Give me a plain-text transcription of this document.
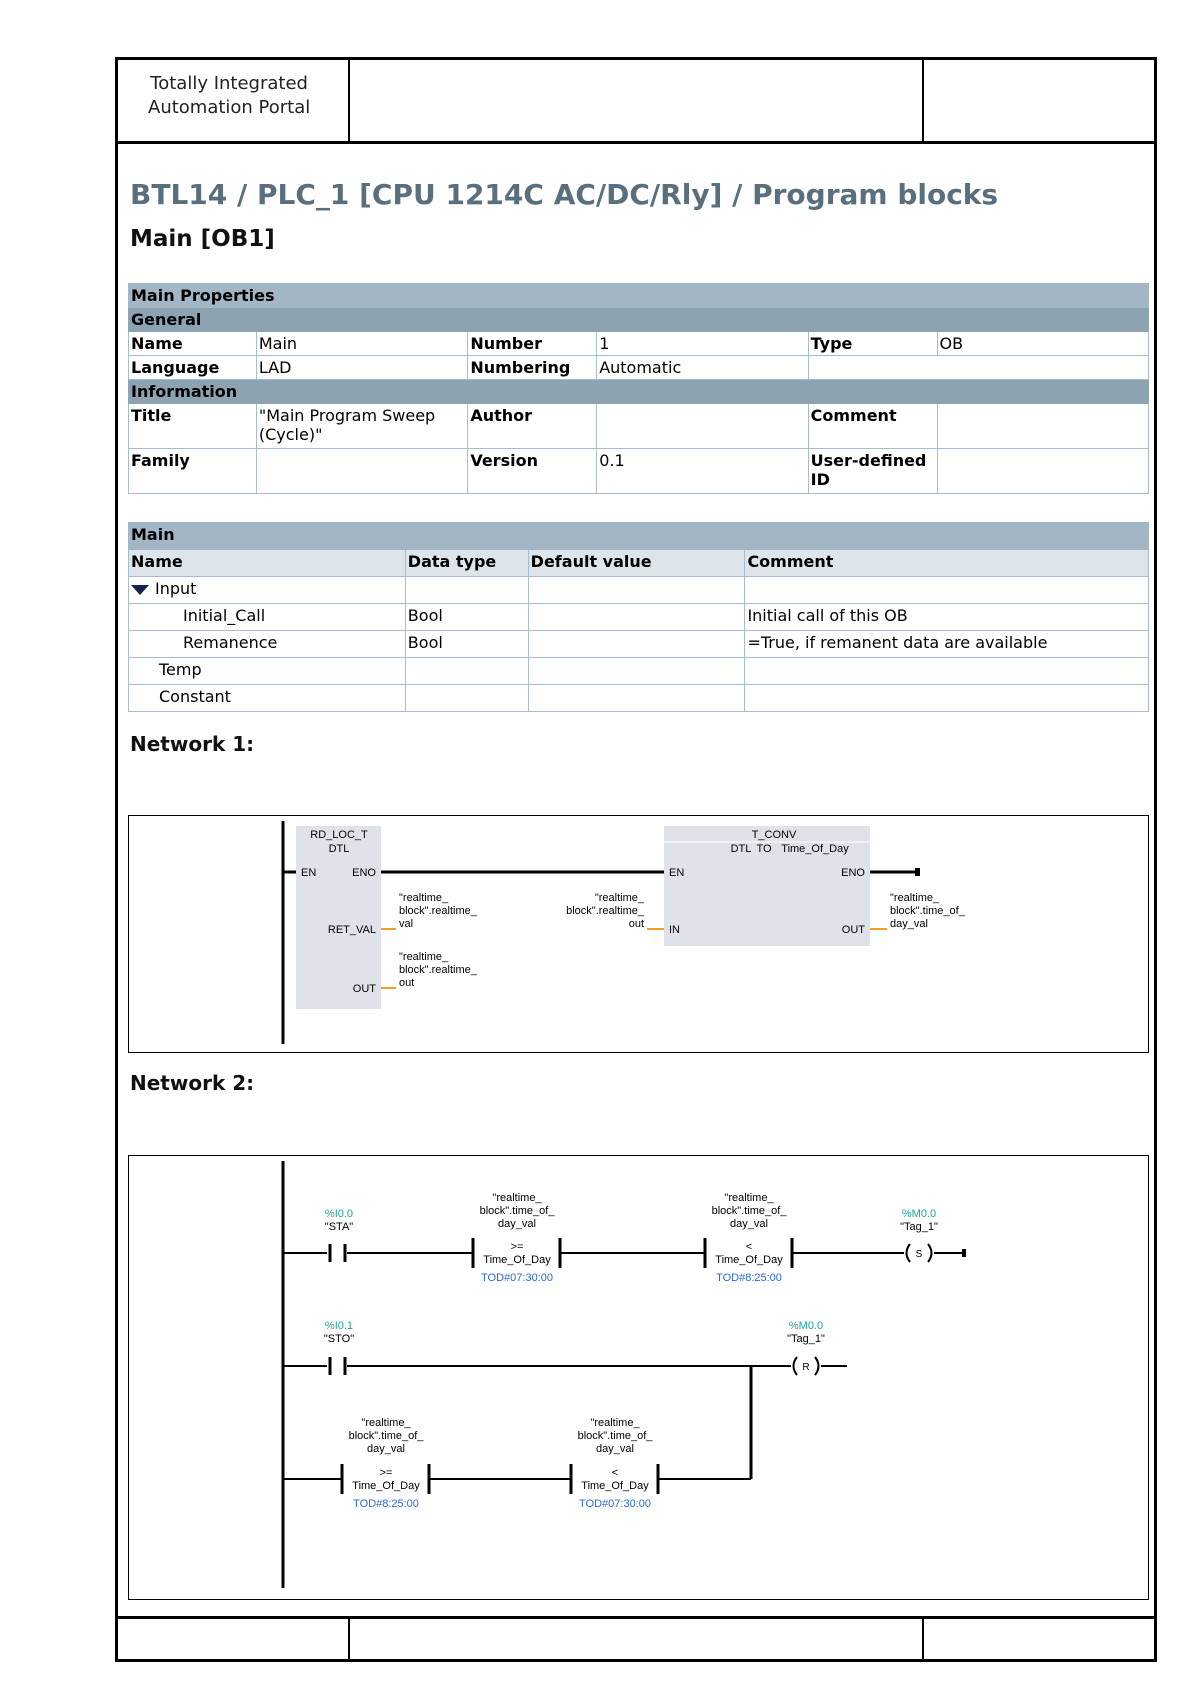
Totally Integrated
Automation Portal
BTL14 / PLC_1 [CPU 1214C AC/DC/Rly] / Program blocks
Main [OB1]
Main Properties					
General					
Name	Main	Number	1	Type	OB
Language	LAD	Numbering	Automatic		
Information					
Title	"Main Program Sweep (Cycle)"	Author		Comment	
Family		Version	0.1	User-defined ID	
Main			
Name	Data type	Default value	Comment
Input			
Initial_Call	Bool		Initial call of this OB
Remanence	Bool		=True, if remanent data are available
Temp			
Constant			
Network 1:
RD_LOC_T
DTL
EN	ENO
RET_VAL
"realtime_
block".realtime_
val
OUT
"realtime_
block".realtime_
out
T_CONV
DTL TO Time_Of_Day
EN	ENO
IN
"realtime_
block".realtime_
out	OUT
"realtime_
block".time_of_
day_val
Network 2:
%I0.0
"STA"
"realtime_
block".time_of_
day_val
>=
Time_Of_Day
TOD#07:30:00
"realtime_
block".time_of_
day_val
<
Time_Of_Day
TOD#8:25:00
%M0.0
"Tag_1"
S
%I0.1
"STO"
%M0.0
"Tag_1"
R
"realtime_
block".time_of_
day_val
>=
Time_Of_Day
TOD#8:25:00
"realtime_
block".time_of_
day_val
<
Time_Of_Day
TOD#07:30:00
